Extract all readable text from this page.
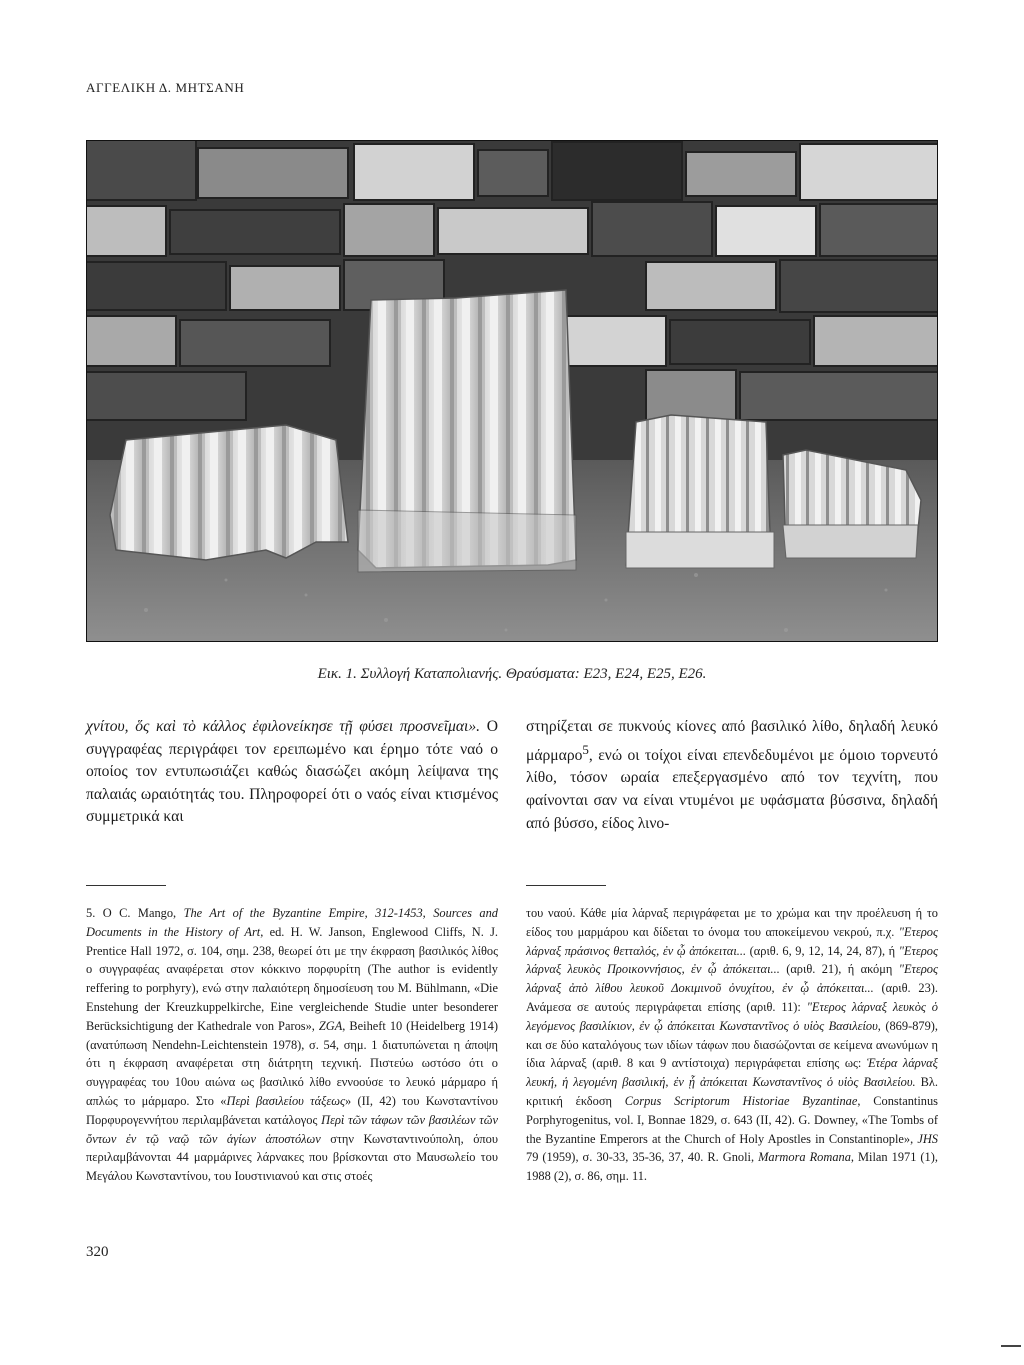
ΑΓΓΕΛΙΚΗ Δ. ΜΗΤΣΑΝΗ
Εικ. 1. Συλλογή Καταπολιανής. Θραύσματα: Ε23, Ε24, Ε25, Ε26.
χνίτου, ὅς καὶ τὸ κάλλος ἐφιλονείκησε τῇ φύσει προσνεῖμαι». Ο συγγραφέας περιγράφει τον ερειπωμένο και έρημο τότε ναό ο οποίος τον εντυπωσιάζει καθώς διασώζει ακόμη λείψανα της παλαιάς ωραιότητάς του. Πληροφορεί ότι ο ναός είναι κτισμένος συμμετρικά και
στηρίζεται σε πυκνούς κίονες από βασιλικό λίθο, δηλαδή λευκό μάρμαρο$^5$, ενώ οι τοίχοι είναι επενδεδυμένοι με όμοιο τορνευτό λίθο, τόσον ωραία επεξεργασμένο από τον τεχνίτη, που φαίνονται σαν να είναι ντυμένοι με υφάσματα βύσσινα, δηλαδή από βύσσο, είδος λινο-
5. O C. Mango, The Art of the Byzantine Empire, 312-1453, Sources and Documents in the History of Art, ed. H. W. Janson, Englewood Cliffs, N. J. Prentice Hall 1972, σ. 104, σημ. 238, θεωρεί ότι με την έκφραση βασιλικός λίθος ο συγγραφέας αναφέρεται στον κόκκινο πορφυρίτη (The author is evidently reffering to porphyry), ενώ στην παλαιότερη δημοσίευση του M. Bühlmann, «Die Enstehung der Kreuzkuppelkirche, Eine vergleichende Studie unter besonderer Berücksichtigung der Kathedrale von Paros», ZGA, Beiheft 10 (Heidelberg 1914) (ανατύπωση Nendehn-Leichtenstein 1978), σ. 54, σημ. 1 διατυπώνεται η άποψη ότι η έκφραση αναφέρεται στη διάτρητη τεχνική. Πιστεύω ωστόσο ότι ο συγγραφέας του 10ου αιώνα ως βασιλικό λίθο εννοούσε το λευκό μάρμαρο ή απλώς το μάρμαρο. Στο «Περὶ βασιλείου τάξεως» (ΙΙ, 42) του Κωνσταντίνου Πορφυρογεννήτου περιλαμβάνεται κατάλογος Περὶ τῶν τάφων τῶν βασιλέων τῶν ὄντων ἐν τῷ ναῷ τῶν ἁγίων ἀποστόλων στην Κωνσταντινούπολη, όπου περιλαμβάνονται 44 μαρμάρινες λάρνακες που βρίσκονται στο Μαυσωλείο του Μεγάλου Κωνσταντίνου, του Ιουστινιανού και στις στοές
του ναού. Κάθε μία λάρναξ περιγράφεται με το χρώμα και την προέλευση ή το είδος του μαρμάρου και δίδεται το όνομα του αποκείμενου νεκρού, π.χ. "Ετερος λάρναξ πράσινος θετταλός, ἐν ᾧ ἀπόκειται... (αριθ. 6, 9, 12, 14, 24, 87), ή "Ετερος λάρναξ λευκὸς Προικοννήσιος, ἐν ᾧ ἀπόκειται... (αριθ. 21), ή ακόμη "Ετερος λάρναξ ἀπὸ λίθου λευκοῦ Δοκιμινοῦ ὀνυχίτου, ἐν ᾧ ἀπόκειται... (αριθ. 23). Ανάμεσα σε αυτούς περιγράφεται επίσης (αριθ. 11): "Ετερος λάρναξ λευκὸς ὁ λεγόμενος βασιλίκιον, ἐν ᾧ ἀπόκειται Κωνσταντῖνος ὁ υἱὸς Βασιλείου, (869-879), και σε δύο καταλόγους των ιδίων τάφων που διασώζονται σε κείμενα ανωνύμων η ίδια λάρναξ (αριθ. 8 και 9 αντίστοιχα) περιγράφεται επίσης ως: Ἑτέρα λάρναξ λευκή, ἡ λεγομένη βασιλική, ἐν ᾗ ἀπόκειται Κωνσταντῖνος ὁ υἱὸς Βασιλείου. Βλ. κριτική έκδοση Corpus Scriptorum Historiae Byzantinae, Constantinus Porphyrogenitus, vol. I, Bonnae 1829, σ. 643 (ΙΙ, 42). G. Downey, «The Tombs of the Byzantine Emperors at the Church of Holy Apostles in Constantinople», JHS 79 (1959), σ. 30-33, 35-36, 37, 40. R. Gnoli, Marmora Romana, Milan 1971 (1), 1988 (2), σ. 86, σημ. 11.
320
